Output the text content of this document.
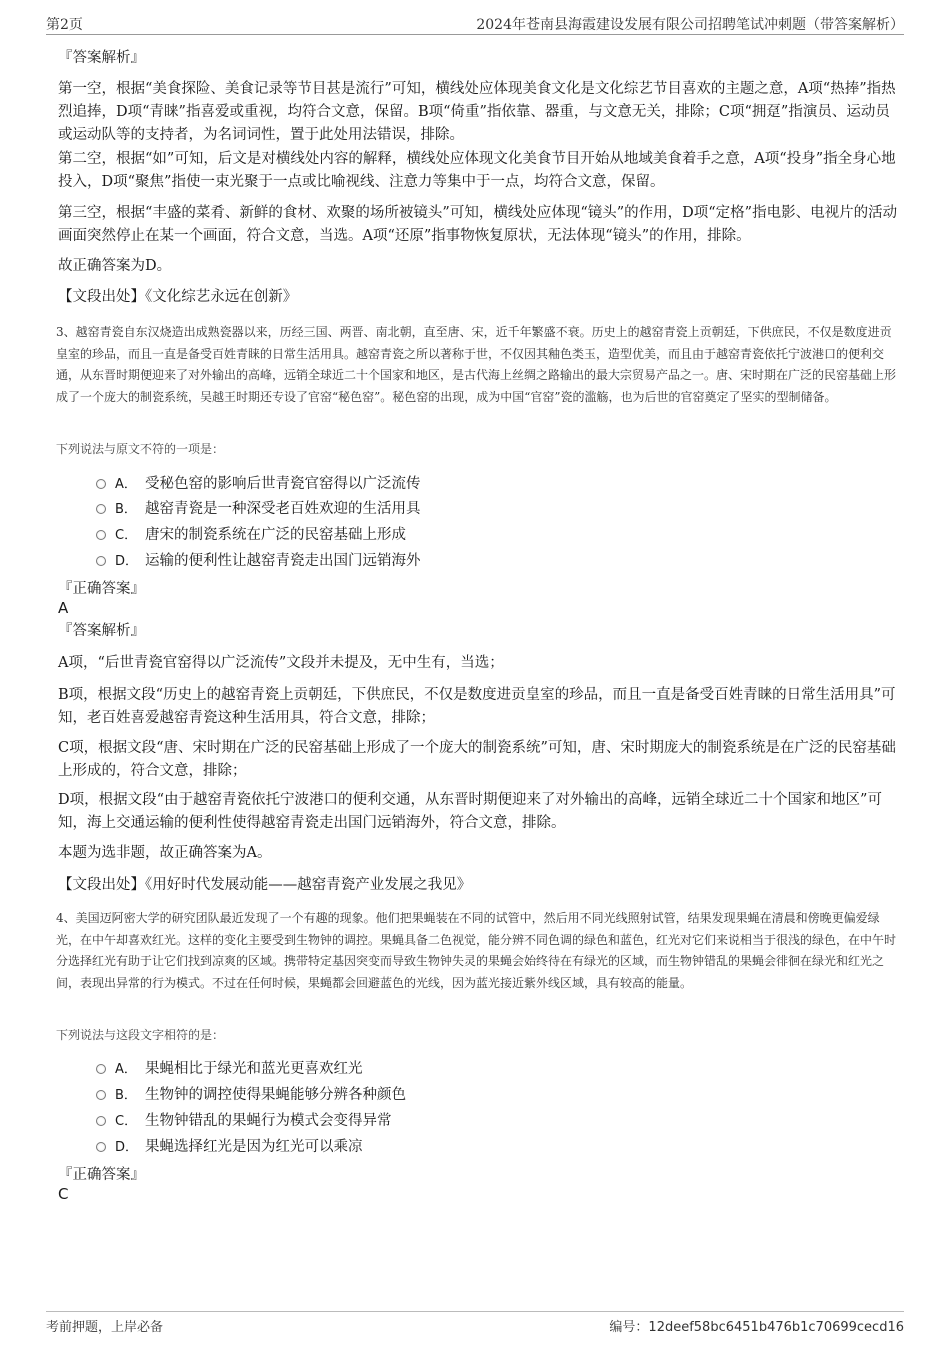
第2页	2024年苍南县海霞建设发展有限公司招聘笔试冲刺题（带答案解析）
『答案解析』

第一空，根据“美食探险、美食记录等节目甚是流行”可知，横线处应体现美食文化是文化综艺节目喜欢的主题之意，A项“热捧”指热烈追捧，D项“青睐”指喜爱或重视，均符合文意，保留。B项“倚重”指依靠、器重，与文意无关，排除；C项“拥趸”指演员、运动员或运动队等的支持者，为名词词性，置于此处用法错误，排除。

第二空，根据“如”可知，后文是对横线处内容的解释，横线处应体现文化美食节目开始从地域美食着手之意，A项“投身”指全身心地投入，D项“聚焦”指使一束光聚于一点或比喻视线、注意力等集中于一点，均符合文意，保留。

第三空，根据“丰盛的菜肴、新鲜的食材、欢聚的场所被镜头”可知，横线处应体现“镜头”的作用，D项“定格”指电影、电视片的活动画面突然停止在某一个画面，符合文意，当选。A项“还原”指事物恢复原状，无法体现“镜头”的作用，排除。

故正确答案为D。

【文段出处】《文化综艺永远在创新》

3、越窑青瓷自东汉烧造出成熟瓷器以来，历经三国、两晋、南北朝，直至唐、宋，近千年繁盛不衰。历史上的越窑青瓷上贡朝廷，下供庶民，不仅是数度进贡皇室的珍品，而且一直是备受百姓青睐的日常生活用具。越窑青瓷之所以著称于世，不仅因其釉色类玉，造型优美，而且由于越窑青瓷依托宁波港口的便利交通，从东晋时期便迎来了对外输出的高峰，远销全球近二十个国家和地区，是古代海上丝绸之路输出的最大宗贸易产品之一。唐、宋时期在广泛的民窑基础上形成了一个庞大的制瓷系统，吴越王时期还专设了官窑“秘色窑”。秘色窑的出现，成为中国“官窑”瓷的滥觞，也为后世的官窑奠定了坚实的型制储备。

下列说法与原文不符的一项是：

A． 受秘色窑的影响后世青瓷官窑得以广泛流传
B． 越窑青瓷是一种深受老百姓欢迎的生活用具
C． 唐宋的制瓷系统在广泛的民窑基础上形成
D． 运输的便利性让越窑青瓷走出国门远销海外
『正确答案』
A
『答案解析』

A项，“后世青瓷官窑得以广泛流传”文段并未提及，无中生有，当选；

B项，根据文段“历史上的越窑青瓷上贡朝廷，下供庶民，不仅是数度进贡皇室的珍品，而且一直是备受百姓青睐的日常生活用具”可知，老百姓喜爱越窑青瓷这种生活用具，符合文意，排除；

C项，根据文段“唐、宋时期在广泛的民窑基础上形成了一个庞大的制瓷系统”可知，唐、宋时期庞大的制瓷系统是在广泛的民窑基础上形成的，符合文意，排除；

D项，根据文段“由于越窑青瓷依托宁波港口的便利交通，从东晋时期便迎来了对外输出的高峰，远销全球近二十个国家和地区”可知，海上交通运输的便利性使得越窑青瓷走出国门远销海外，符合文意，排除。

本题为选非题，故正确答案为A。

【文段出处】《用好时代发展动能——越窑青瓷产业发展之我见》

4、美国迈阿密大学的研究团队最近发现了一个有趣的现象。他们把果蝇装在不同的试管中，然后用不同光线照射试管，结果发现果蝇在清晨和傍晚更偏爱绿光，在中午却喜欢红光。这样的变化主要受到生物钟的调控。果蝇具备二色视觉，能分辨不同色调的绿色和蓝色，红光对它们来说相当于很浅的绿色，在中午时分选择红光有助于让它们找到凉爽的区域。携带特定基因突变而导致生物钟失灵的果蝇会始终待在有绿光的区域，而生物钟错乱的果蝇会徘徊在绿光和红光之间，表现出异常的行为模式。不过在任何时候，果蝇都会回避蓝色的光线，因为蓝光接近紫外线区域，具有较高的能量。

下列说法与这段文字相符的是：

A． 果蝇相比于绿光和蓝光更喜欢红光
B． 生物钟的调控使得果蝇能够分辨各种颜色
C． 生物钟错乱的果蝇行为模式会变得异常
D． 果蝇选择红光是因为红光可以乘凉
『正确答案』
C
考前押题，上岸必备	编号：12deef58bc6451b476b1c70699cecd16
